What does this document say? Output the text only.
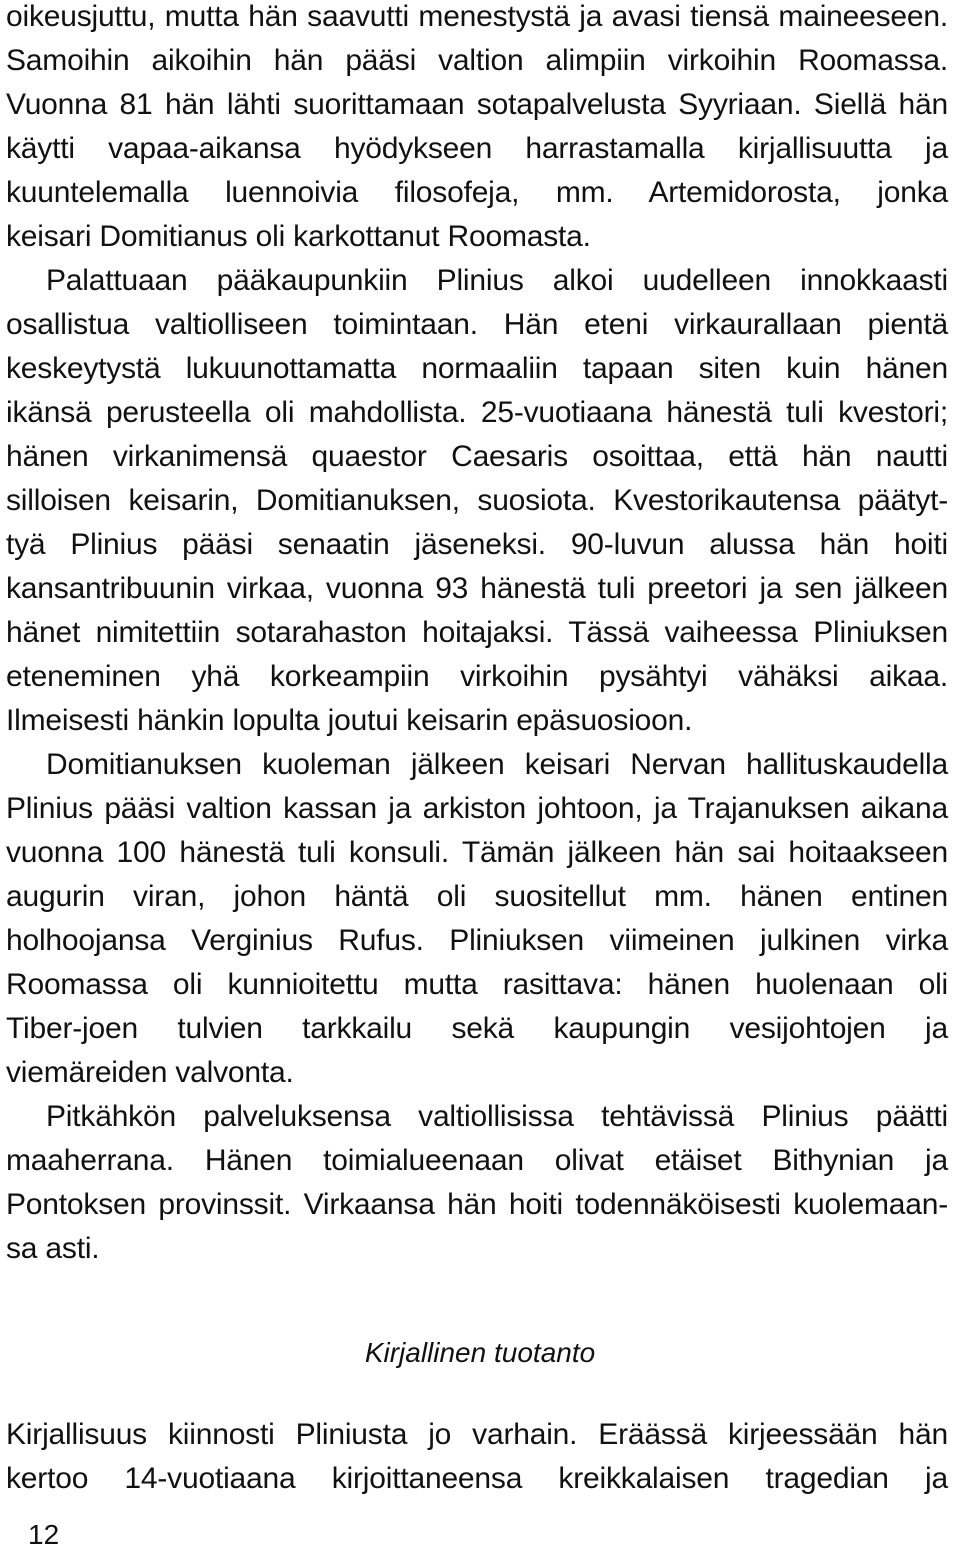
oikeusjuttu, mutta hän saavutti menestystä ja avasi tiensä maineeseen.
Samoihin aikoihin hän pääsi valtion alimpiin virkoihin Roomassa.
Vuonna 81 hän lähti suorittamaan sotapalvelusta Syyriaan. Siellä hän
käytti vapaa-aikansa hyödykseen harrastamalla kirjallisuutta ja
kuuntelemalla luennoivia filosofeja, mm. Artemidorosta, jonka
keisari Domitianus oli karkottanut Roomasta.
Palattuaan pääkaupunkiin Plinius alkoi uudelleen innokkaasti
osallistua valtiolliseen toimintaan. Hän eteni virkaurallaan pientä
keskeytystä lukuunottamatta normaaliin tapaan siten kuin hänen
ikänsä perusteella oli mahdollista. 25-vuotiaana hänestä tuli kvestori;
hänen virkanimensä quaestor Caesaris osoittaa, että hän nautti
silloisen keisarin, Domitianuksen, suosiota. Kvestorikautensa päätyt-
tyä Plinius pääsi senaatin jäseneksi. 90-luvun alussa hän hoiti
kansantribuunin virkaa, vuonna 93 hänestä tuli preetori ja sen jälkeen
hänet nimitettiin sotarahaston hoitajaksi. Tässä vaiheessa Pliniuksen
eteneminen yhä korkeampiin virkoihin pysähtyi vähäksi aikaa.
Ilmeisesti hänkin lopulta joutui keisarin epäsuosioon.
Domitianuksen kuoleman jälkeen keisari Nervan hallituskaudella
Plinius pääsi valtion kassan ja arkiston johtoon, ja Trajanuksen aikana
vuonna 100 hänestä tuli konsuli. Tämän jälkeen hän sai hoitaakseen
augurin viran, johon häntä oli suositellut mm. hänen entinen
holhoojansa Verginius Rufus. Pliniuksen viimeinen julkinen virka
Roomassa oli kunnioitettu mutta rasittava: hänen huolenaan oli
Tiber-joen tulvien tarkkailu sekä kaupungin vesijohtojen ja
viemäreiden valvonta.
Pitkähkön palveluksensa valtiollisissa tehtävissä Plinius päätti
maaherrana. Hänen toimialueenaan olivat etäiset Bithynian ja
Pontoksen provinssit. Virkaansa hän hoiti todennäköisesti kuolemaan-
sa asti.
Kirjallinen tuotanto
Kirjallisuus kiinnosti Pliniusta jo varhain. Eräässä kirjeessään hän
kertoo 14-vuotiaana kirjoittaneensa kreikkalaisen tragedian ja
12
